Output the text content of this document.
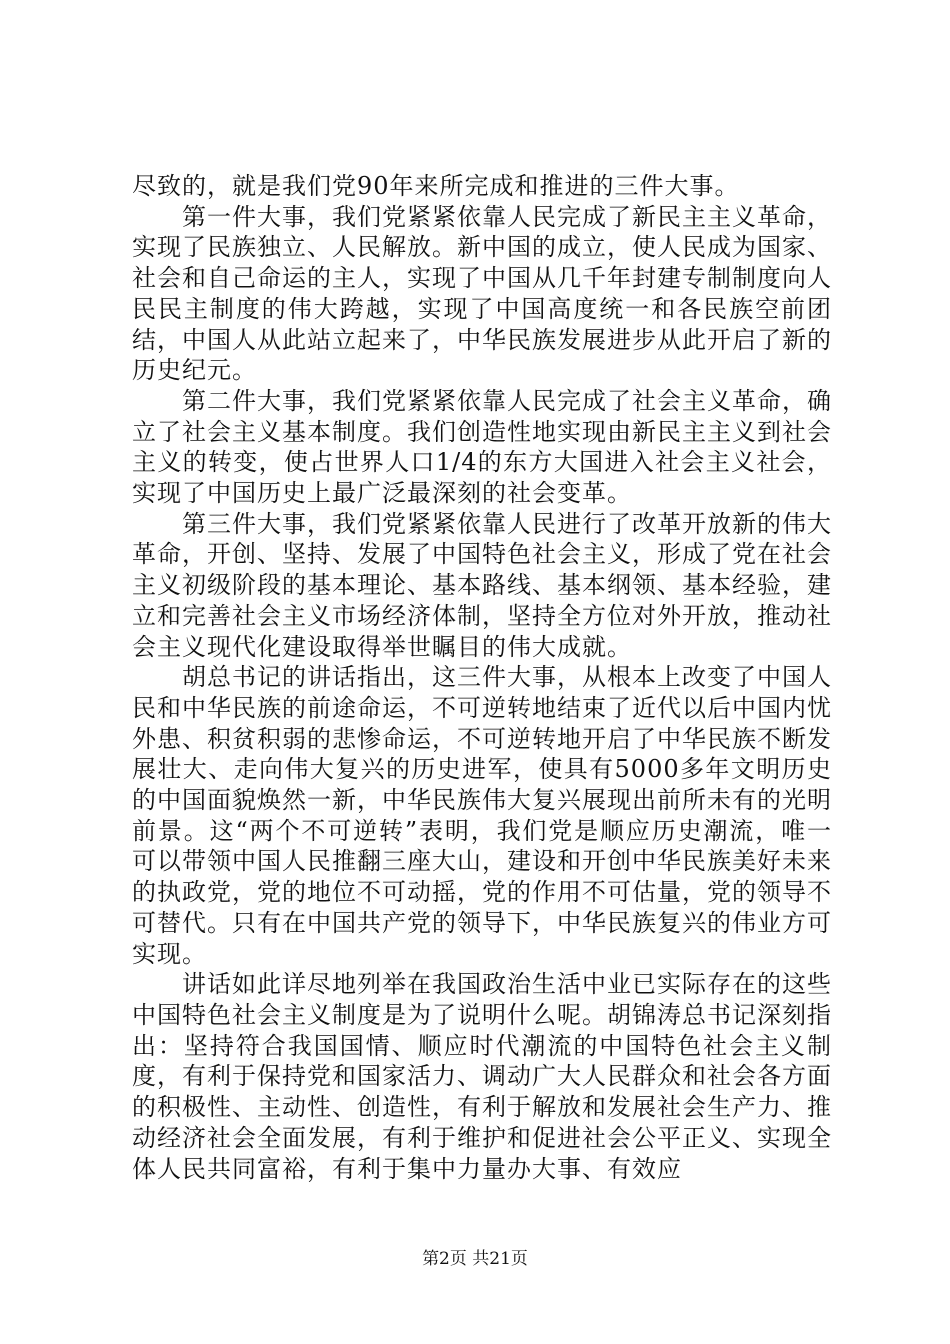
尽致的，就是我们党90年来所完成和推进的三件大事。

第一件大事，我们党紧紧依靠人民完成了新民主主义革命，实现了民族独立、人民解放。新中国的成立，使人民成为国家、社会和自己命运的主人，实现了中国从几千年封建专制制度向人民民主制度的伟大跨越，实现了中国高度统一和各民族空前团结，中国人从此站立起来了，中华民族发展进步从此开启了新的历史纪元。

第二件大事，我们党紧紧依靠人民完成了社会主义革命，确立了社会主义基本制度。我们创造性地实现由新民主主义到社会主义的转变，使占世界人口1/4的东方大国进入社会主义社会，实现了中国历史上最广泛最深刻的社会变革。

第三件大事，我们党紧紧依靠人民进行了改革开放新的伟大革命，开创、坚持、发展了中国特色社会主义，形成了党在社会主义初级阶段的基本理论、基本路线、基本纲领、基本经验，建立和完善社会主义市场经济体制，坚持全方位对外开放，推动社会主义现代化建设取得举世瞩目的伟大成就。

胡总书记的讲话指出，这三件大事，从根本上改变了中国人民和中华民族的前途命运，不可逆转地结束了近代以后中国内忧外患、积贫积弱的悲惨命运，不可逆转地开启了中华民族不断发展壮大、走向伟大复兴的历史进军，使具有5000多年文明历史的中国面貌焕然一新，中华民族伟大复兴展现出前所未有的光明前景。这“两个不可逆转”表明，我们党是顺应历史潮流，唯一可以带领中国人民推翻三座大山，建设和开创中华民族美好未来的执政党，党的地位不可动摇，党的作用不可估量，党的领导不可替代。只有在中国共产党的领导下，中华民族复兴的伟业方可实现。

讲话如此详尽地列举在我国政治生活中业已实际存在的这些中国特色社会主义制度是为了说明什么呢。胡锦涛总书记深刻指出：坚持符合我国国情、顺应时代潮流的中国特色社会主义制度，有利于保持党和国家活力、调动广大人民群众和社会各方面的积极性、主动性、创造性，有利于解放和发展社会生产力、推动经济社会全面发展，有利于维护和促进社会公平正义、实现全体人民共同富裕，有利于集中力量办大事、有效应

第2页 共21页
